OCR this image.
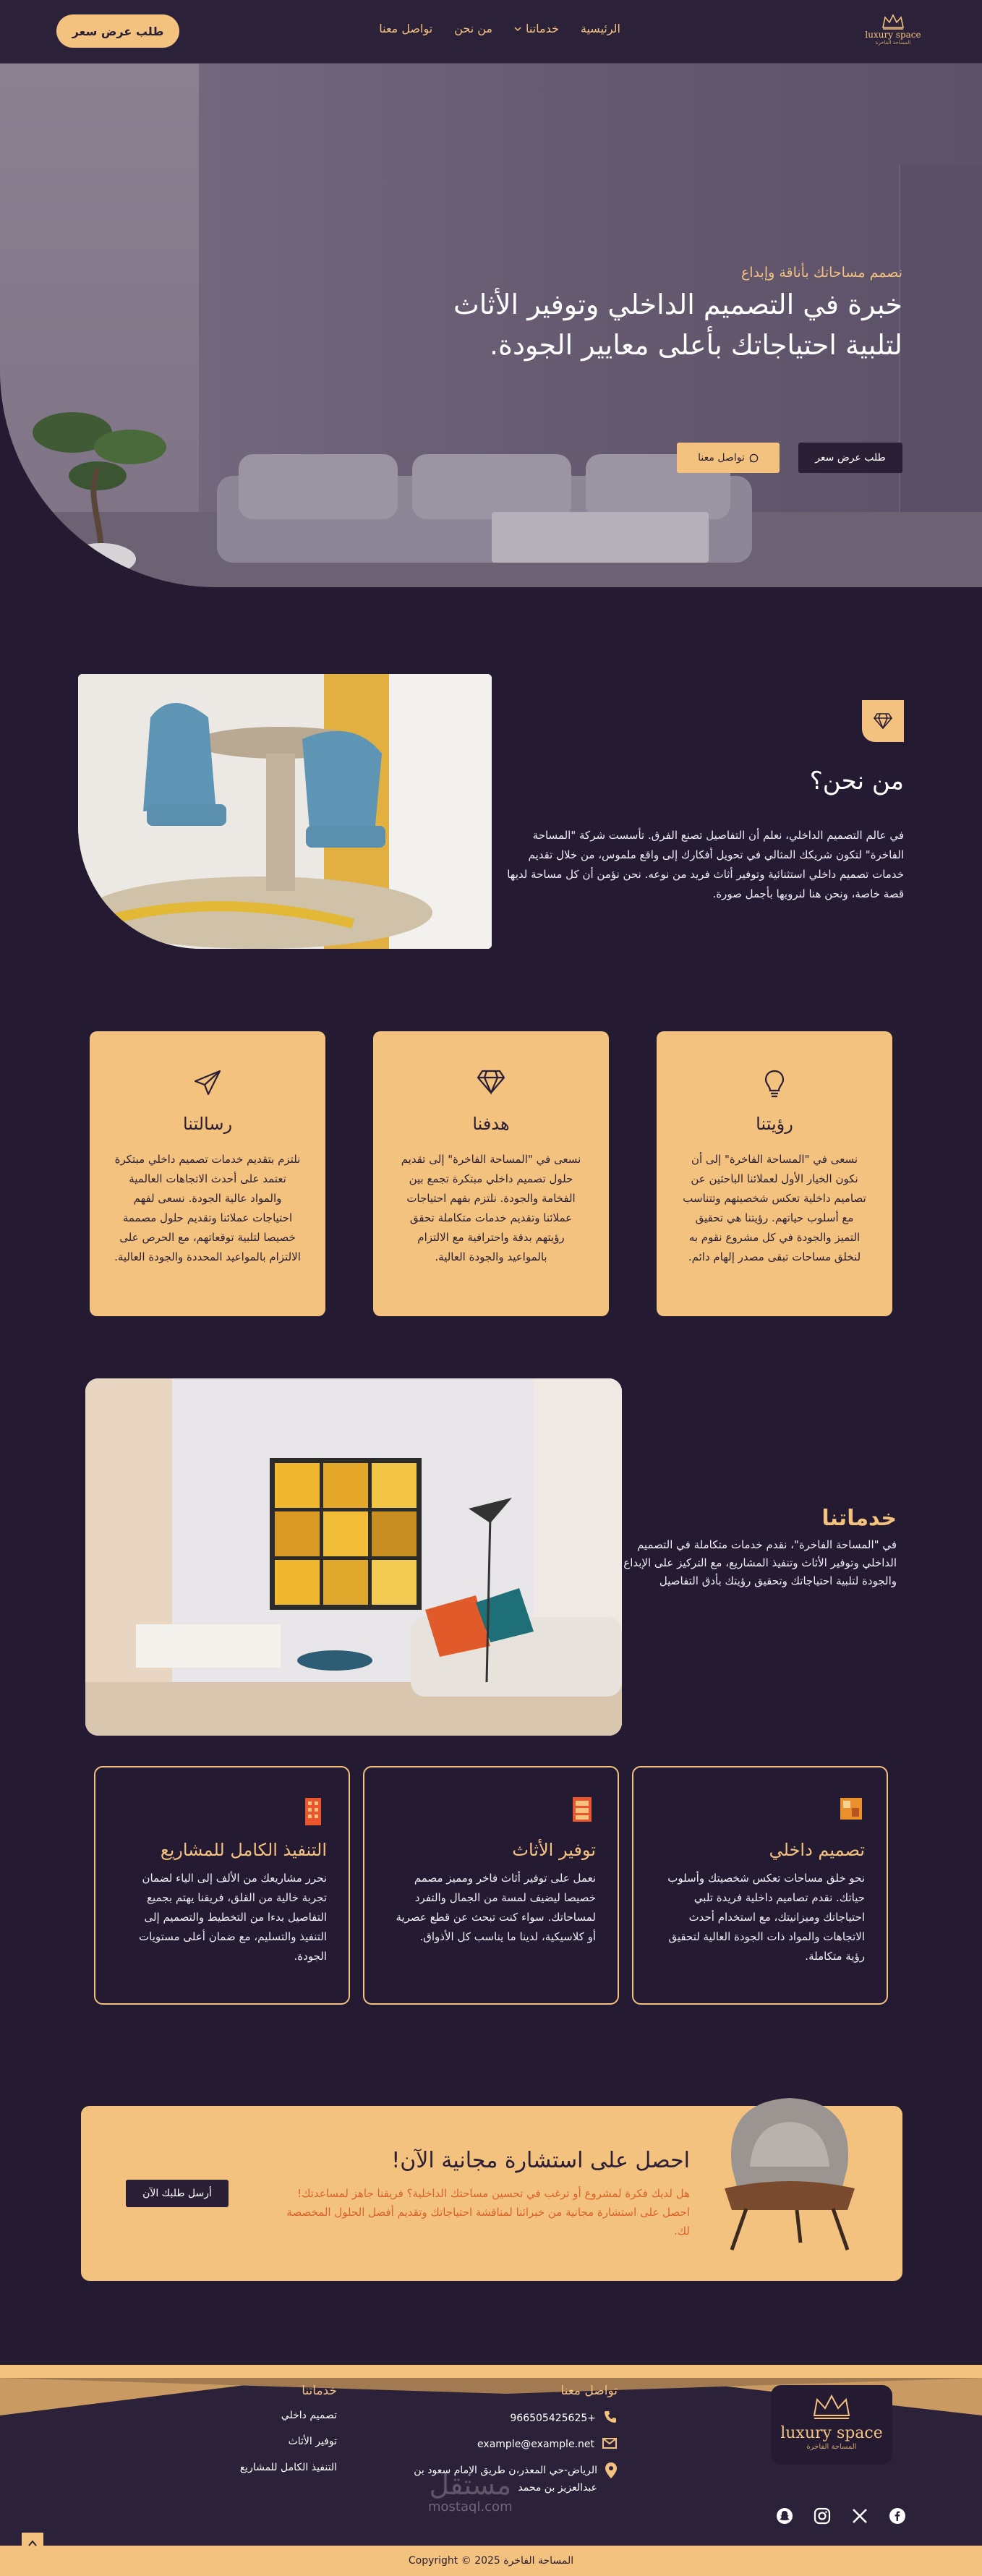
luxury space
المساحة الفاخرة
الرئيسية
خدماتنا
من نحن
تواصل معنا
طلب عرض سعر
نصمم مساحاتك بأناقة وإبداع
خبرة في التصميم الداخلي وتوفير الأثاث لتلبية احتياجاتك بأعلى معايير الجودة.
طلب عرض سعر
تواصل معنا
من نحن؟
في عالم التصميم الداخلي، نعلم أن التفاصيل تصنع الفرق. تأسست شركة "المساحة الفاخرة" لتكون شريكك المثالي في تحويل أفكارك إلى واقع ملموس، من خلال تقديم خدمات تصميم داخلي استثنائية وتوفير أثاث فريد من نوعه. نحن نؤمن أن كل مساحة لديها قصة خاصة، ونحن هنا لنرويها بأجمل صورة.
رؤيتنا

نسعى في "المساحة الفاخرة" إلى أن نكون الخيار الأول لعملائنا الباحثين عن تصاميم داخلية تعكس شخصيتهم وتتناسب مع أسلوب حياتهم. رؤيتنا هي تحقيق التميز والجودة في كل مشروع نقوم به لنخلق مساحات تبقى مصدر إلهام دائم.

هدفنا

نسعى في "المساحة الفاخرة" إلى تقديم حلول تصميم داخلي مبتكرة تجمع بين الفخامة والجودة. نلتزم بفهم احتياجات عملائنا وتقديم خدمات متكاملة تحقق رؤيتهم بدقة واحترافية مع الالتزام بالمواعيد والجودة العالية.

رسالتنا

نلتزم بتقديم خدمات تصميم داخلي مبتكرة تعتمد على أحدث الاتجاهات العالمية والمواد عالية الجودة. نسعى لفهم احتياجات عملائنا وتقديم حلول مصممة خصيصا لتلبية توقعاتهم، مع الحرص على الالتزام بالمواعيد المحددة والجودة العالية.

خدماتنا
في "المساحة الفاخرة"، نقدم خدمات متكاملة في التصميم الداخلي وتوفير الأثاث وتنفيذ المشاريع، مع التركيز على الإبداع والجودة لتلبية احتياجاتك وتحقيق رؤيتك بأدق التفاصيل
تصميم داخلي

نحو خلق مساحات تعكس شخصيتك وأسلوب حياتك. نقدم تصاميم داخلية فريدة تلبي احتياجاتك وميزانيتك، مع استخدام أحدث الاتجاهات والمواد ذات الجودة العالية لتحقيق رؤية متكاملة.

توفير الأثاث

نعمل على توفير أثاث فاخر ومميز مصمم خصيصا ليضيف لمسة من الجمال والتفرد لمساحاتك. سواء كنت تبحث عن قطع عصرية أو كلاسيكية، لدينا ما يناسب كل الأذواق.

التنفيذ الكامل للمشاريع

نحرر مشاريعك من الألف إلى الياء لضمان تجربة خالية من القلق، فريقنا يهتم بجميع التفاصيل بدءا من التخطيط والتصميم إلى التنفيذ والتسليم، مع ضمان أعلى مستويات الجودة.

احصل على استشارة مجانية الآن!

هل لديك فكرة لمشروع أو ترغب في تحسين مساحتك الداخلية؟ فريقنا جاهز لمساعدتك! احصل على استشارة مجانية من خبرائنا لمناقشة احتياجاتك وتقديم أفضل الحلول المخصصة لك.

أرسل طلبك الآن
luxury space
المساحة الفاخرة
تواصل معنا
+966505425625
example@example.net
الرياض-حي المعذر،ن طريق الإمام سعود بن عبدالعزيز بن محمد
خدماتنا
تصميم داخلي
توفير الأثاث
التنفيذ الكامل للمشاريع
مستقل
mostaql.com
المساحة الفاخرة Copyright © 2025
